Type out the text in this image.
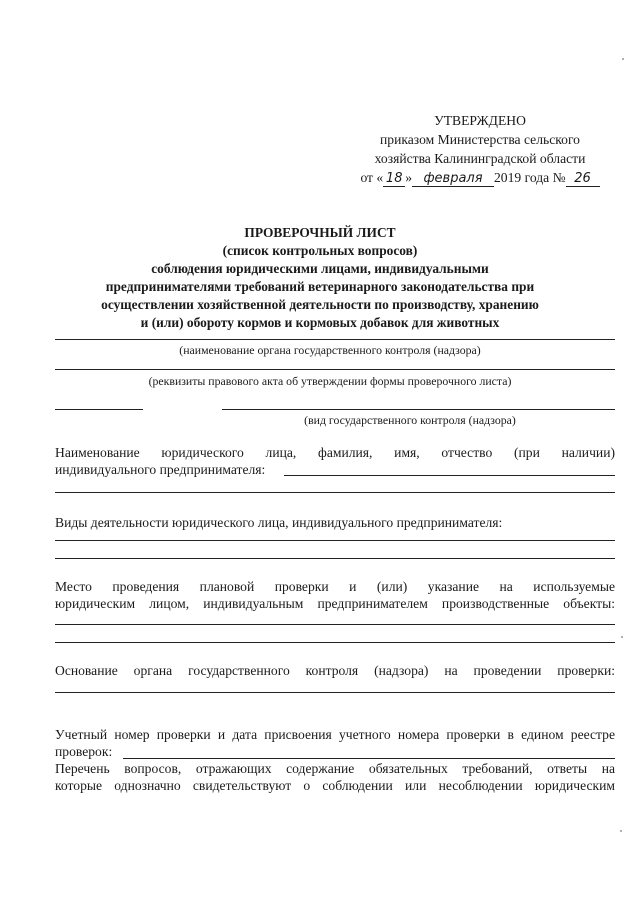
УТВЕРЖДЕНО
приказом Министерства сельского
хозяйства Калининградской области
от « 18 » февраля 2019 года № 26
ПРОВЕРОЧНЫЙ ЛИСТ
(список контрольных вопросов)
соблюдения юридическими лицами, индивидуальными
предпринимателями требований ветеринарного законодательства при
осуществлении хозяйственной деятельности по производству, хранению
и (или) обороту кормов и кормовых добавок для животных
(наименование органа государственного контроля (надзора)
(реквизиты правового акта об утверждении формы проверочного листа)
(вид государственного контроля (надзора)
Наименование юридического лица, фамилия, имя, отчество (при наличии)
индивидуального предпринимателя:
Виды деятельности юридического лица, индивидуального предпринимателя:
Место проведения плановой проверки и (или) указание на используемые
юридическим лицом, индивидуальным предпринимателем производственные объекты:
Основание органа государственного контроля (надзора) на проведении проверки:
Учетный номер проверки и дата присвоения учетного номера проверки в едином реестре
проверок:
Перечень вопросов, отражающих содержание обязательных требований, ответы на
которые однозначно свидетельствуют о соблюдении или несоблюдении юридическим
